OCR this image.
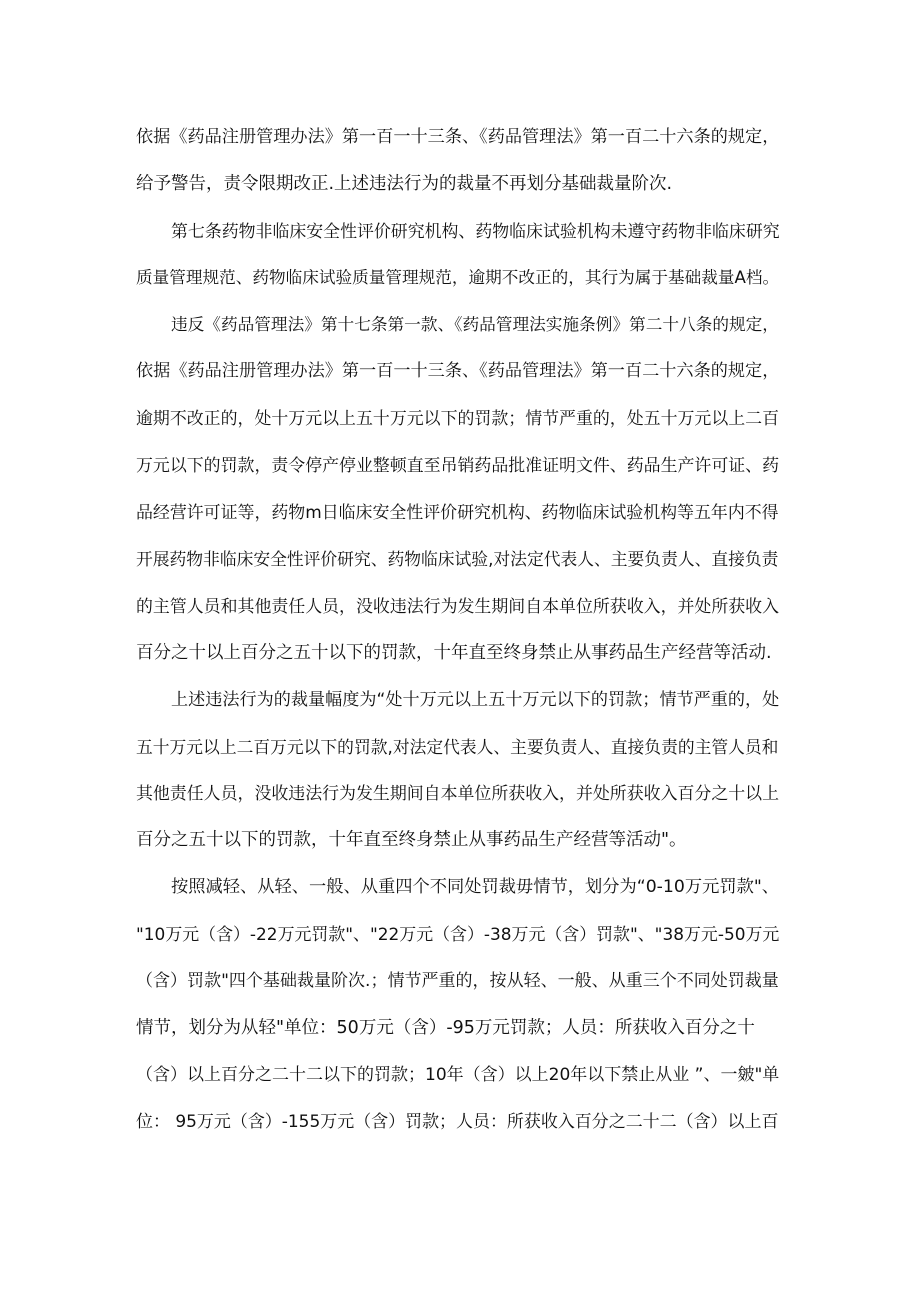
依据《药品注册管理办法》第一百一十三条、《药品管理法》第一百二十六条的规定，
给予警告，责令限期改正.上述违法行为的裁量不再划分基础裁量阶次.
第七条药物非临床安全性评价研究机构、药物临床试验机构未遵守药物非临床研究
质量管理规范、药物临床试验质量管理规范，逾期不改正的，其行为属于基础裁量A档。
违反《药品管理法》第十七条第一款、《药品管理法实施条例》第二十八条的规定，
依据《药品注册管理办法》第一百一十三条、《药品管理法》第一百二十六条的规定，
逾期不改正的，处十万元以上五十万元以下的罚款；情节严重的，处五十万元以上二百
万元以下的罚款，责令停产停业整顿直至吊销药品批准证明文件、药品生产许可证、药
品经营许可证等，药物m日临床安全性评价研究机构、药物临床试验机构等五年内不得
开展药物非临床安全性评价研究、药物临床试验,对法定代表人、主要负责人、直接负责
的主管人员和其他责任人员，没收违法行为发生期间自本单位所获收入，并处所获收入
百分之十以上百分之五十以下的罚款，十年直至终身禁止从事药品生产经营等活动.
上述违法行为的裁量幅度为“处十万元以上五十万元以下的罚款；情节严重的，处
五十万元以上二百万元以下的罚款,对法定代表人、主要负责人、直接负责的主管人员和
其他责任人员，没收违法行为发生期间自本单位所获收入，并处所获收入百分之十以上
百分之五十以下的罚款，十年直至终身禁止从事药品生产经营等活动"。
按照减轻、从轻、一般、从重四个不同处罚裁毋情节，划分为“0-10万元罚款"、
"10万元（含）-22万元罚款"、"22万元（含）-38万元（含）罚款"、"38万元-50万元
（含）罚款"四个基础裁量阶次.；情节严重的，按从轻、一般、从重三个不同处罚裁量
情节，划分为从轻"单位：50万元（含）-95万元罚款；人员：所获收入百分之十
（含）以上百分之二十二以下的罚款；10年（含）以上20年以下禁止从业 ”、一皴"单
位： 95万元（含）-155万元（含）罚款；人员：所获收入百分之二十二（含）以上百
